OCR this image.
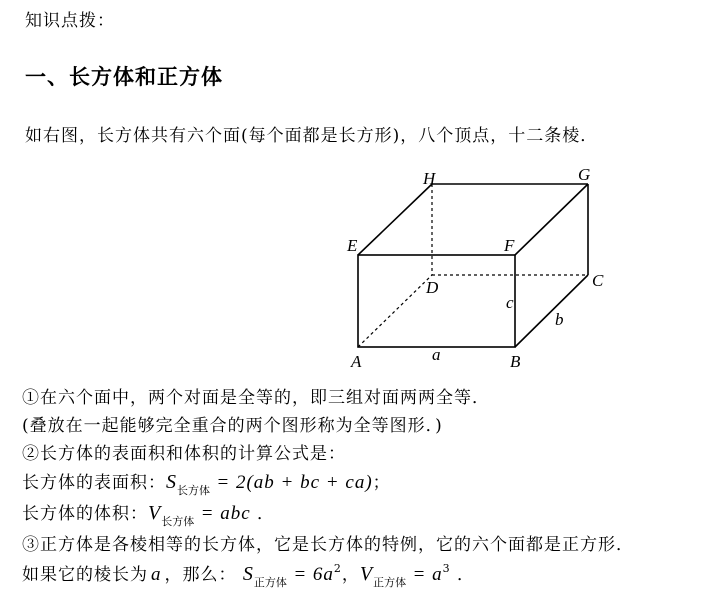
知识点拨：
一、长方体和正方体
如右图，长方体共有六个面(每个面都是长方形)，八个顶点，十二条棱．
H	G
E	F
D	C
A	B
a
b
c
①在六个面中，两个对面是全等的，即三组对面两两全等．
(叠放在一起能够完全重合的两个图形称为全等图形．)
②长方体的表面积和体积的计算公式是：
长方体的表面积：$S_{长方体} = 2(ab$ + bc + ca)；
长方体的体积：$V_{长方体}$ = abc ．
③正方体是各棱相等的长方体，它是长方体的特例，它的六个面都是正方形．
如果它的棱长为 a ，那么： $S_{正方体} = 6a^2$，$V_{正方体} = a^3$ ．
